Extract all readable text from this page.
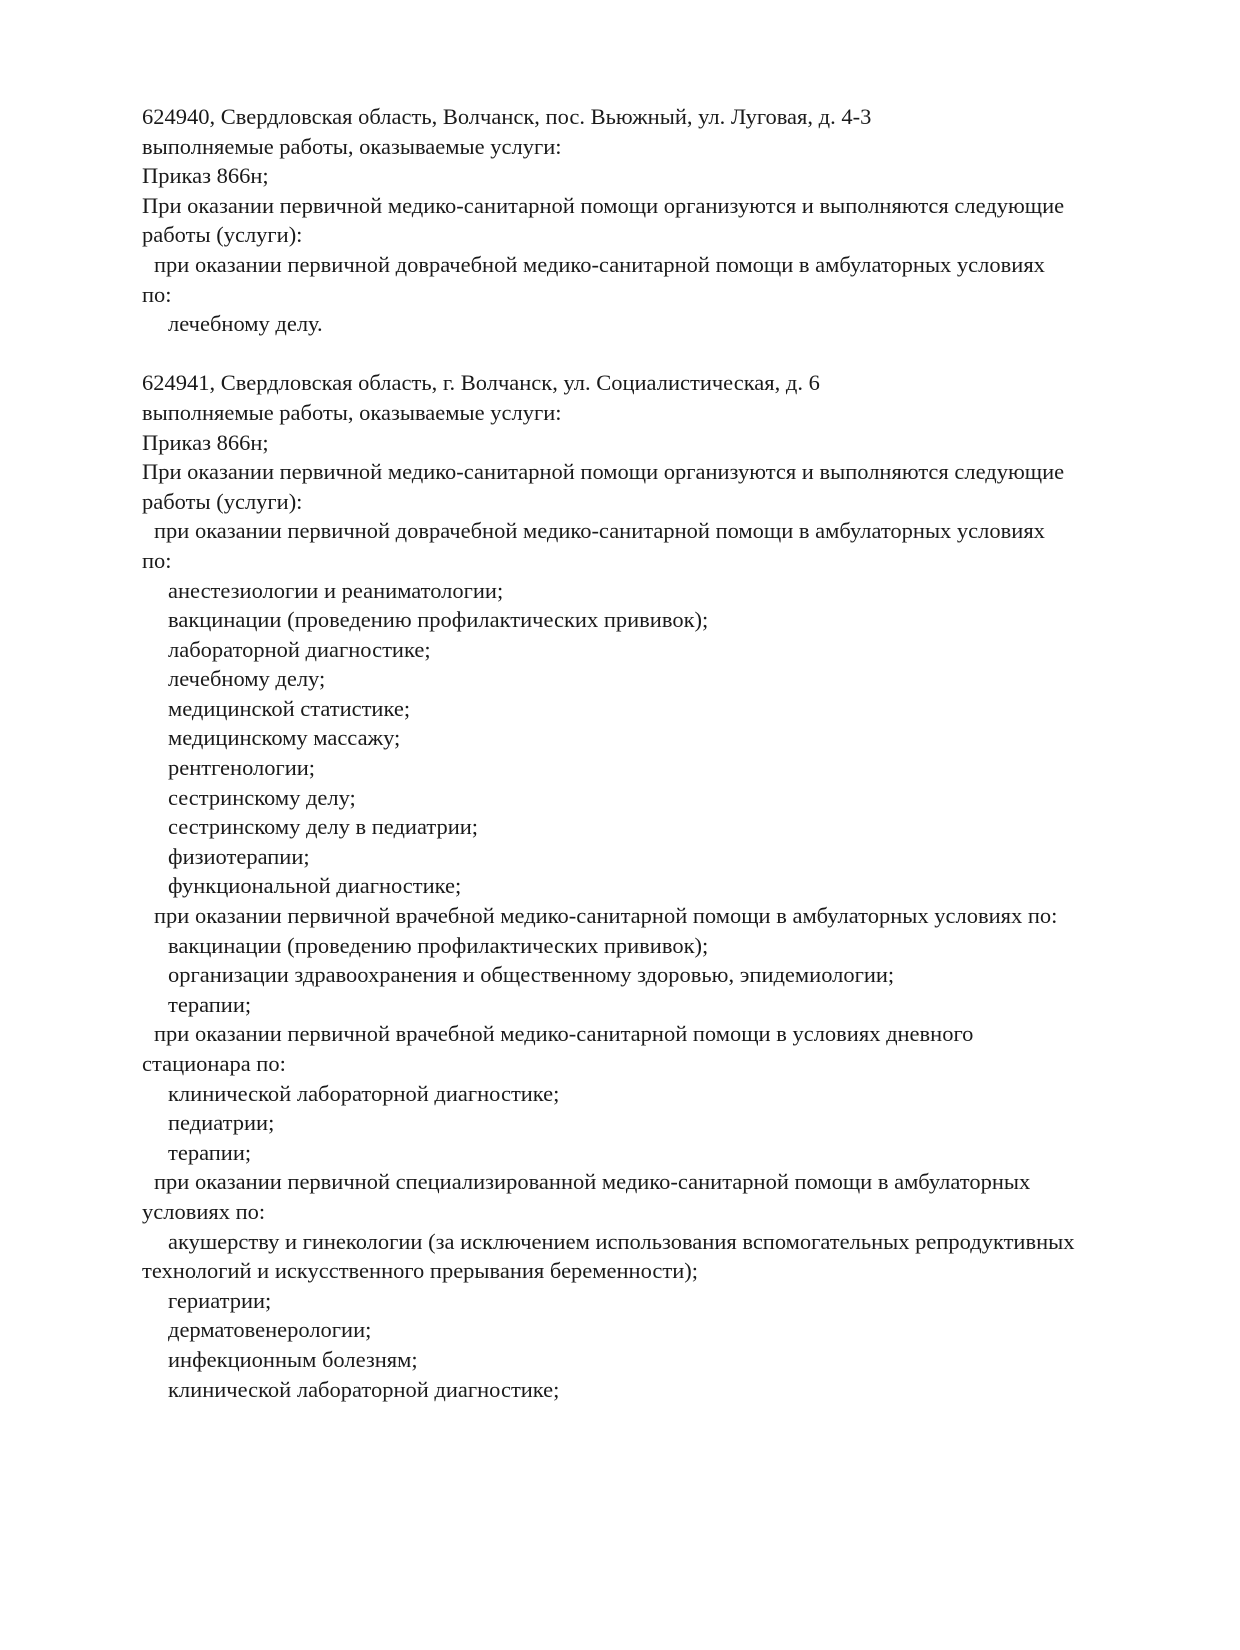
624940, Свердловская область, Волчанск, пос. Вьюжный, ул. Луговая, д. 4-3
выполняемые работы, оказываемые услуги:
Приказ 866н;
При оказании первичной медико-санитарной помощи организуются и выполняются следующие
работы (услуги):
при оказании первичной доврачебной медико-санитарной помощи в амбулаторных условиях
по:
лечебному делу.
624941, Свердловская область, г. Волчанск, ул. Социалистическая, д. 6
выполняемые работы, оказываемые услуги:
Приказ 866н;
При оказании первичной медико-санитарной помощи организуются и выполняются следующие
работы (услуги):
при оказании первичной доврачебной медико-санитарной помощи в амбулаторных условиях
по:
анестезиологии и реаниматологии;
вакцинации (проведению профилактических прививок);
лабораторной диагностике;
лечебному делу;
медицинской статистике;
медицинскому массажу;
рентгенологии;
сестринскому делу;
сестринскому делу в педиатрии;
физиотерапии;
функциональной диагностике;
при оказании первичной врачебной медико-санитарной помощи в амбулаторных условиях по:
вакцинации (проведению профилактических прививок);
организации здравоохранения и общественному здоровью, эпидемиологии;
терапии;
при оказании первичной врачебной медико-санитарной помощи в условиях дневного
стационара по:
клинической лабораторной диагностике;
педиатрии;
терапии;
при оказании первичной специализированной медико-санитарной помощи в амбулаторных
условиях по:
акушерству и гинекологии (за исключением использования вспомогательных репродуктивных
технологий и искусственного прерывания беременности);
гериатрии;
дерматовенерологии;
инфекционным болезням;
клинической лабораторной диагностике;
